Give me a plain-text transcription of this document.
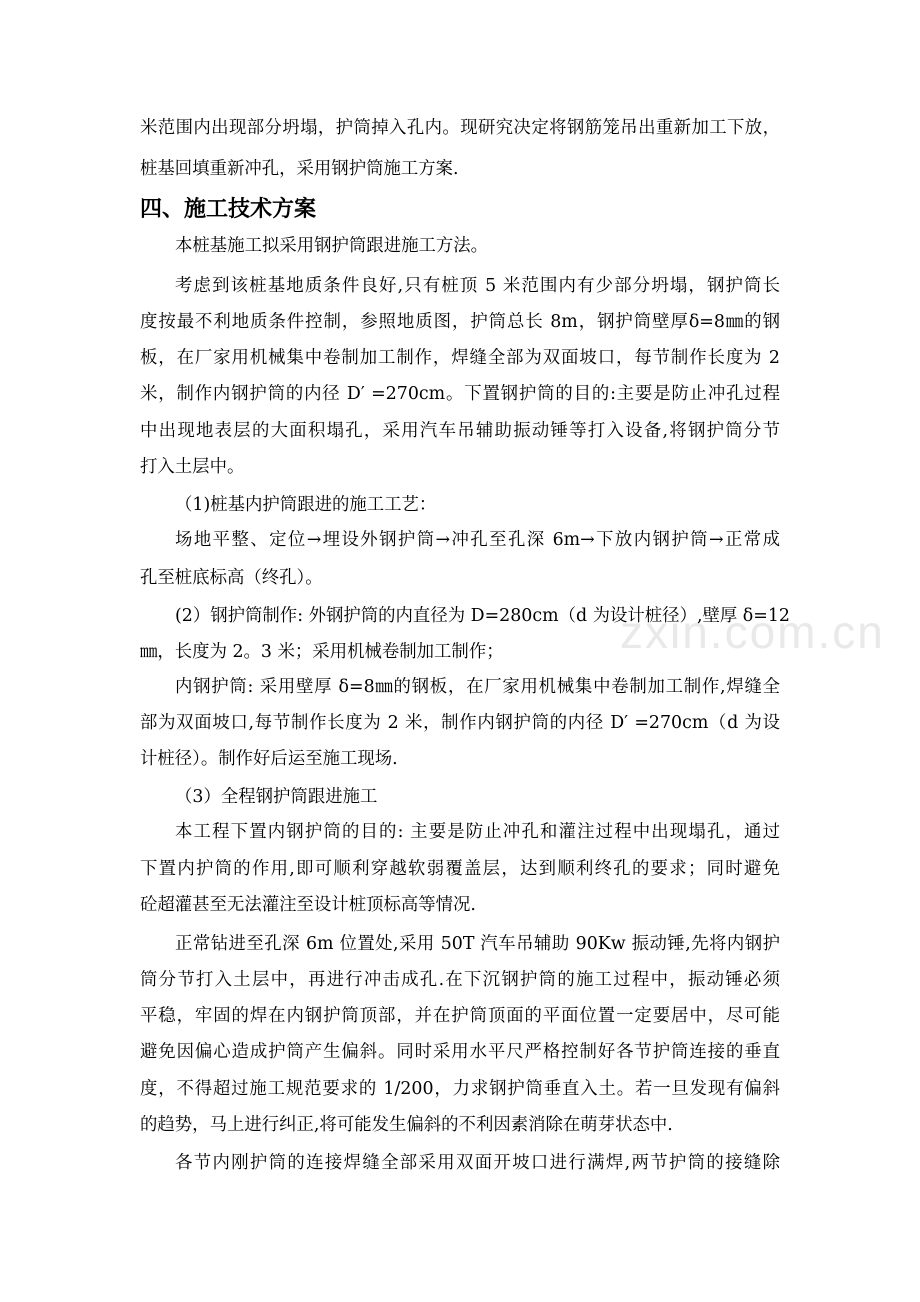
zxin.com.cn
米范围内出现部分坍塌，护筒掉入孔内。现研究决定将钢筋笼吊出重新加工下放，
桩基回填重新冲孔，采用钢护筒施工方案.
四、施工技术方案
本桩基施工拟采用钢护筒跟进施工方法。
考虑到该桩基地质条件良好,只有桩顶 5 米范围内有少部分坍塌，钢护筒长
度按最不利地质条件控制，参照地质图，护筒总长 8m，钢护筒壁厚δ=8㎜的钢
板，在厂家用机械集中卷制加工制作，焊缝全部为双面坡口，每节制作长度为 2
米，制作内钢护筒的内径 D′ =270cm。下置钢护筒的目的:主要是防止冲孔过程
中出现地表层的大面积塌孔，采用汽车吊辅助振动锤等打入设备,将钢护筒分节
打入土层中。
（1)桩基内护筒跟进的施工工艺：
场地平整、定位→埋设外钢护筒→冲孔至孔深 6m→下放内钢护筒→正常成
孔至桩底标高（终孔）。
(2）钢护筒制作: 外钢护筒的内直径为 D=280cm（d 为设计桩径）,壁厚 δ=12
㎜，长度为 2。3 米；采用机械卷制加工制作；
内钢护筒: 采用壁厚 δ=8㎜的钢板，在厂家用机械集中卷制加工制作,焊缝全
部为双面坡口,每节制作长度为 2 米，制作内钢护筒的内径 D′ =270cm（d 为设
计桩径）。制作好后运至施工现场.
（3）全程钢护筒跟进施工
本工程下置内钢护筒的目的: 主要是防止冲孔和灌注过程中出现塌孔，通过
下置内护筒的作用,即可顺利穿越软弱覆盖层，达到顺利终孔的要求；同时避免
砼超灌甚至无法灌注至设计桩顶标高等情况.
正常钻进至孔深 6m 位置处,采用 50T 汽车吊辅助 90Kw 振动锤,先将内钢护
筒分节打入土层中，再进行冲击成孔.在下沉钢护筒的施工过程中，振动锤必须
平稳，牢固的焊在内钢护筒顶部，并在护筒顶面的平面位置一定要居中，尽可能
避免因偏心造成护筒产生偏斜。同时采用水平尺严格控制好各节护筒连接的垂直
度，不得超过施工规范要求的 1/200，力求钢护筒垂直入土。若一旦发现有偏斜
的趋势，马上进行纠正,将可能发生偏斜的不利因素消除在萌芽状态中.
各节内刚护筒的连接焊缝全部采用双面开坡口进行满焊,两节护筒的接缝除
